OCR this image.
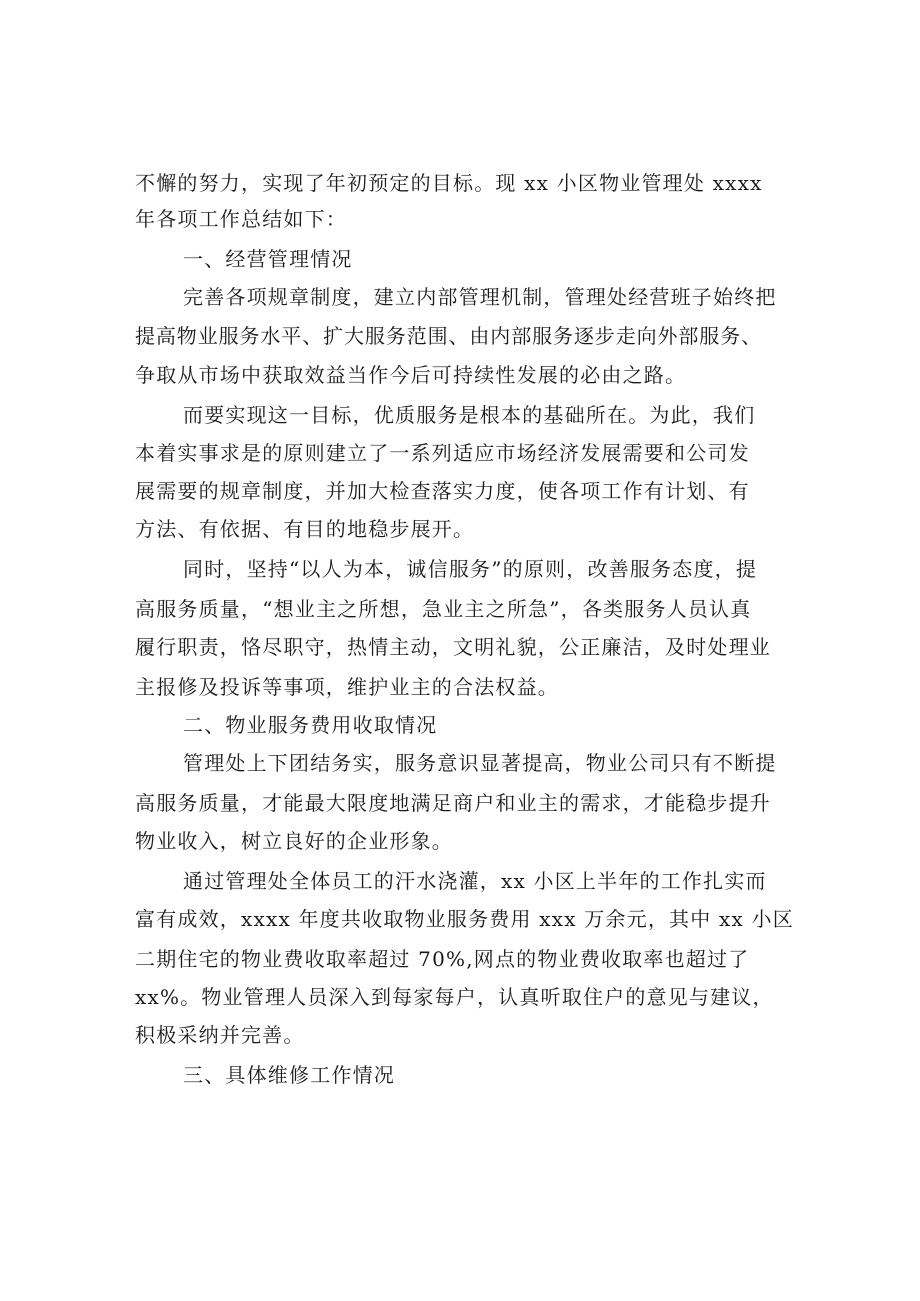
不懈的努力，实现了年初预定的目标。现 xx 小区物业管理处 xxxx
年各项工作总结如下：
一、经营管理情况
完善各项规章制度，建立内部管理机制，管理处经营班子始终把
提高物业服务水平、扩大服务范围、由内部服务逐步走向外部服务、
争取从市场中获取效益当作今后可持续性发展的必由之路。
而要实现这一目标，优质服务是根本的基础所在。为此，我们
本着实事求是的原则建立了一系列适应市场经济发展需要和公司发
展需要的规章制度，并加大检查落实力度，使各项工作有计划、有
方法、有依据、有目的地稳步展开。
同时，坚持“以人为本，诚信服务”的原则，改善服务态度，提
高服务质量，“想业主之所想，急业主之所急”，各类服务人员认真
履行职责，恪尽职守，热情主动，文明礼貌，公正廉洁，及时处理业
主报修及投诉等事项，维护业主的合法权益。
二、物业服务费用收取情况
管理处上下团结务实，服务意识显著提高，物业公司只有不断提
高服务质量，才能最大限度地满足商户和业主的需求，才能稳步提升
物业收入，树立良好的企业形象。
通过管理处全体员工的汗水浇灌，xx 小区上半年的工作扎实而
富有成效，xxxx 年度共收取物业服务费用 xxx 万余元，其中 xx 小区
二期住宅的物业费收取率超过 70%,网点的物业费收取率也超过了
xx%。物业管理人员深入到每家每户，认真听取住户的意见与建议，
积极采纳并完善。
三、具体维修工作情况
